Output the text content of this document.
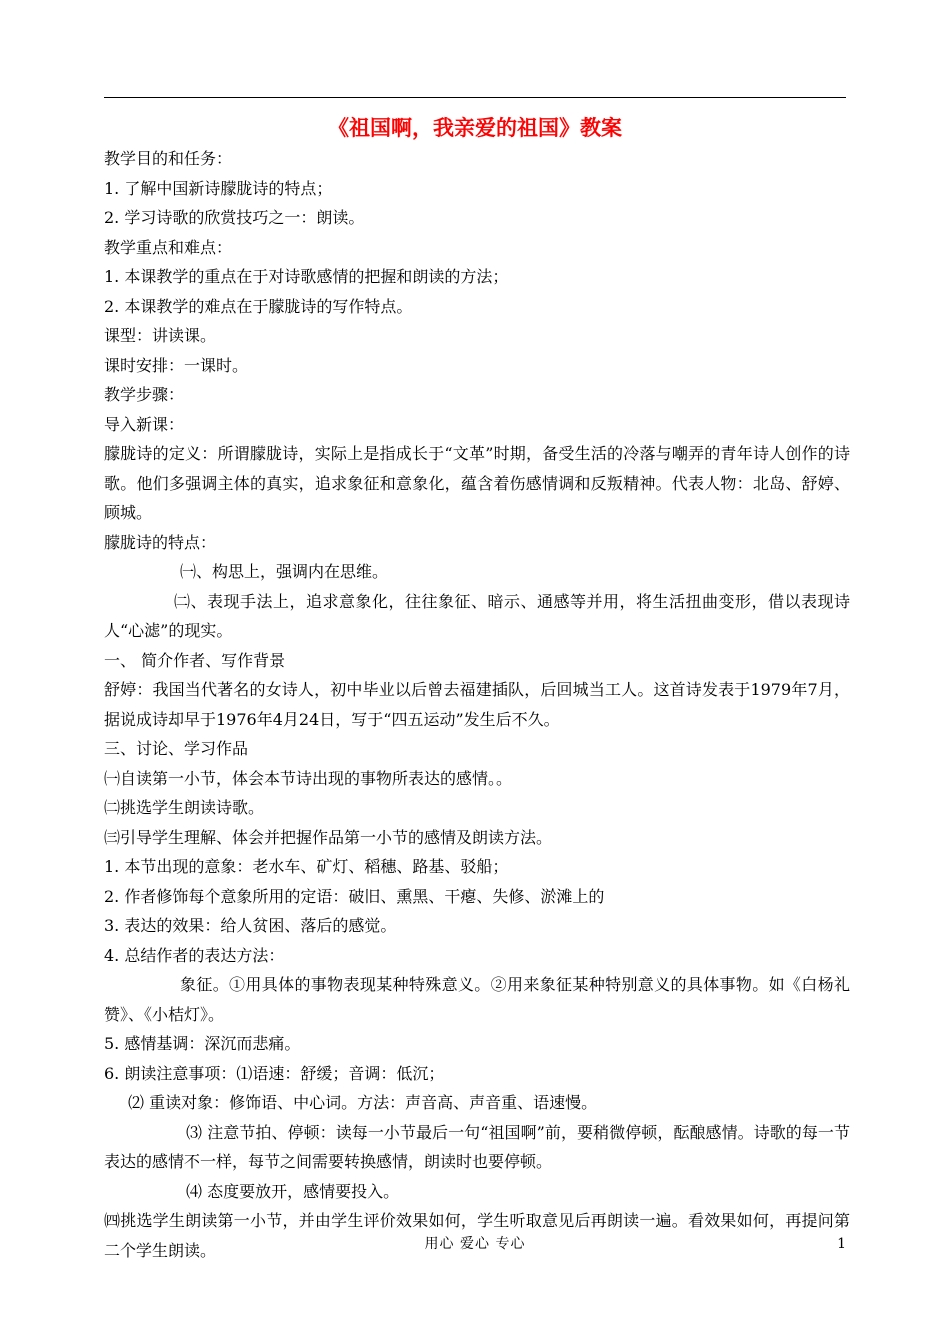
《祖国啊，我亲爱的祖国》教案

教学目的和任务：

1. 了解中国新诗朦胧诗的特点；

2. 学习诗歌的欣赏技巧之一：朗读。

教学重点和难点：

1. 本课教学的重点在于对诗歌感情的把握和朗读的方法；

2. 本课教学的难点在于朦胧诗的写作特点。

课型：讲读课。

课时安排：一课时。

教学步骤：

导入新课：

朦胧诗的定义：所谓朦胧诗，实际上是指成长于“文革”时期，备受生活的冷落与嘲弄的青年诗人创作的诗歌。他们多强调主体的真实，追求象征和意象化，蕴含着伤感情调和反叛精神。代表人物：北岛、舒婷、顾城。

朦胧诗的特点：

㈠、构思上，强调内在思维。

㈡、表现手法上，追求意象化，往往象征、暗示、通感等并用，将生活扭曲变形，借以表现诗人“心滤”的现实。

一、 简介作者、写作背景

舒婷：我国当代著名的女诗人，初中毕业以后曾去福建插队，后回城当工人。这首诗发表于1979年7月，据说成诗却早于1976年4月24日，写于“四五运动”发生后不久。

三、讨论、学习作品

㈠自读第一小节，体会本节诗出现的事物所表达的感情。。

㈡挑选学生朗读诗歌。

㈢引导学生理解、体会并把握作品第一小节的感情及朗读方法。

1. 本节出现的意象：老水车、矿灯、稻穗、路基、驳船；

2. 作者修饰每个意象所用的定语：破旧、熏黑、干瘪、失修、淤滩上的

3. 表达的效果：给人贫困、落后的感觉。

4. 总结作者的表达方法：

象征。①用具体的事物表现某种特殊意义。②用来象征某种特别意义的具体事物。如《白杨礼赞》、《小桔灯》。

5. 感情基调：深沉而悲痛。

6. 朗读注意事项：⑴语速：舒缓；音调：低沉；

⑵ 重读对象：修饰语、中心词。方法：声音高、声音重、语速慢。

⑶ 注意节拍、停顿：读每一小节最后一句“祖国啊”前，要稍微停顿，酝酿感情。诗歌的每一节表达的感情不一样，每节之间需要转换感情，朗读时也要停顿。

⑷ 态度要放开，感情要投入。

㈣挑选学生朗读第一小节，并由学生评价效果如何，学生听取意见后再朗读一遍。看效果如何，再提问第二个学生朗读。	用心 爱心 专心	1
